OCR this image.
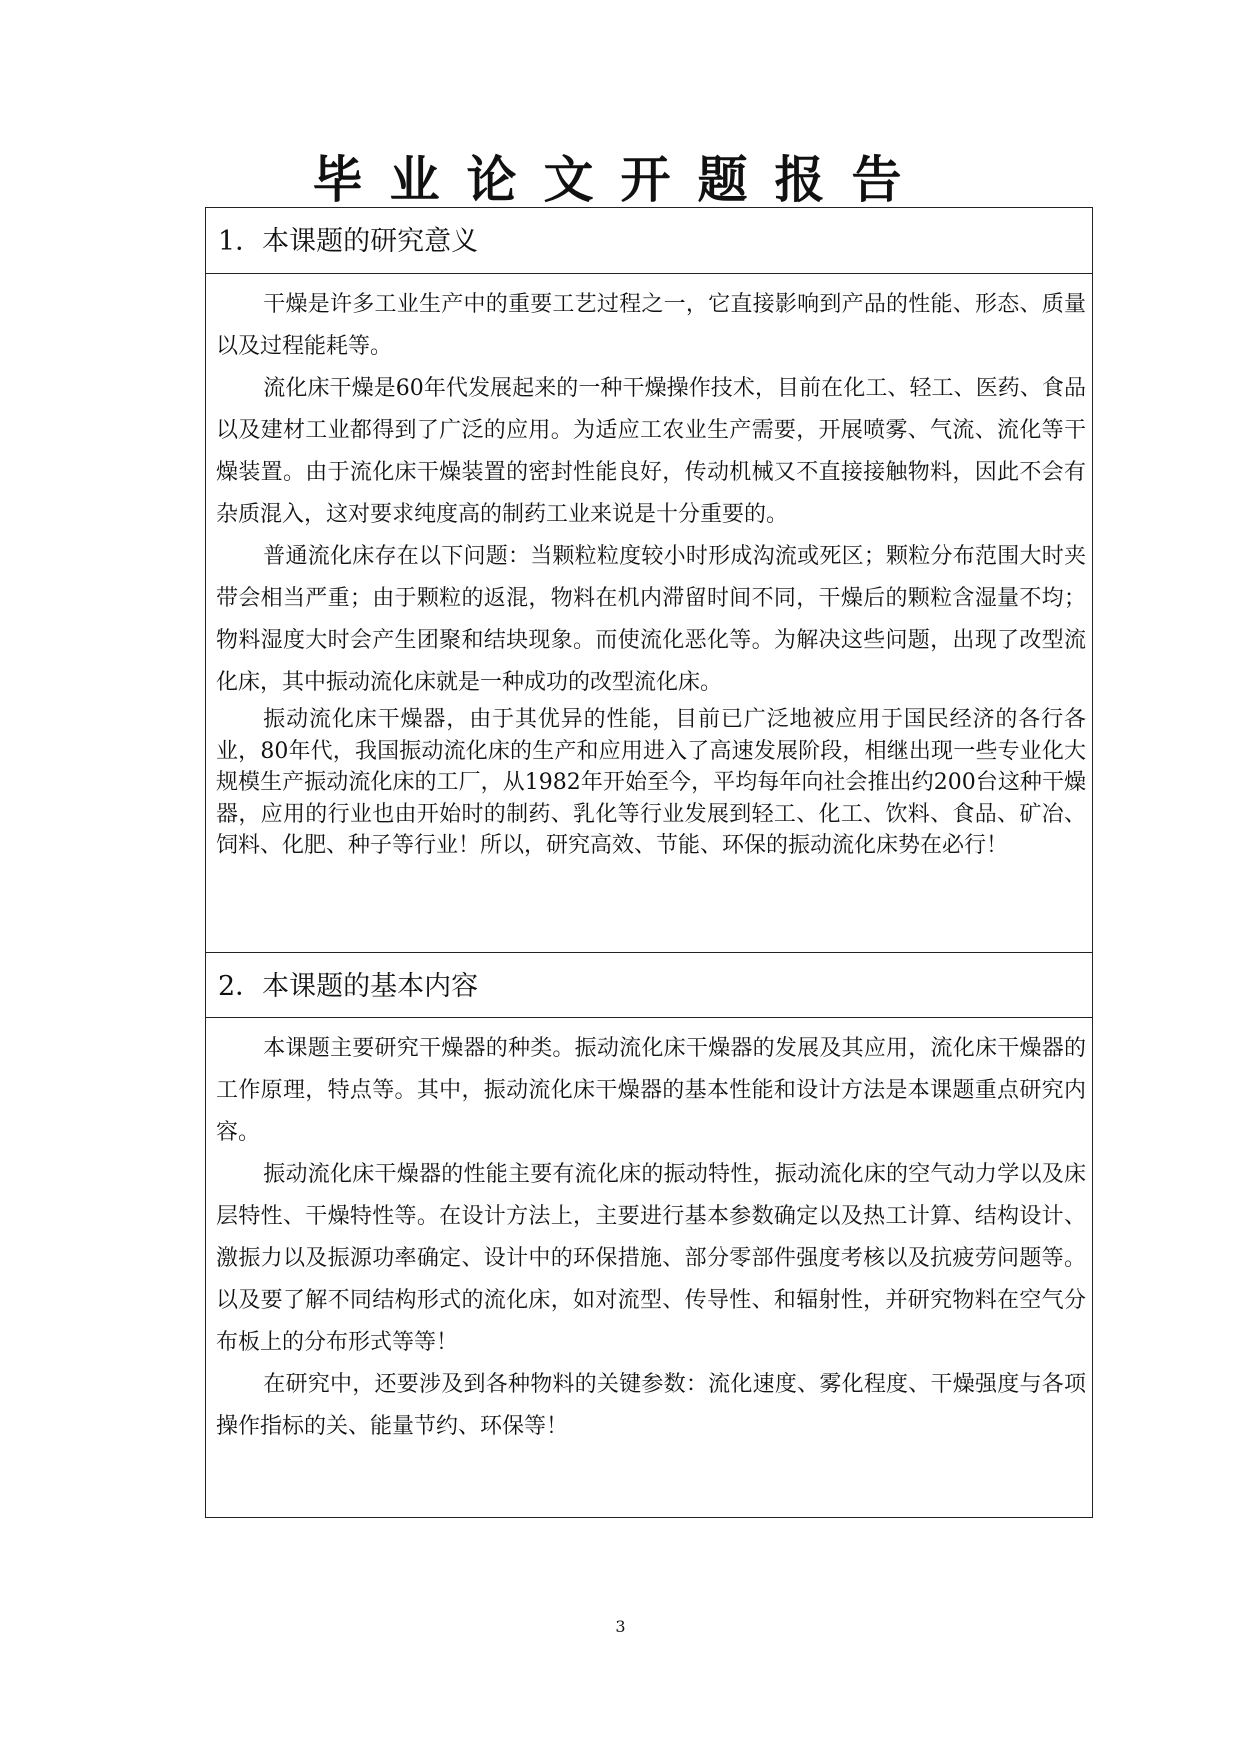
毕业论文开题报告
1．本课题的研究意义

干燥是许多工业生产中的重要工艺过程之一，它直接影响到产品的性能、形态、质量以及过程能耗等。

流化床干燥是60年代发展起来的一种干燥操作技术，目前在化工、轻工、医药、食品以及建材工业都得到了广泛的应用。为适应工农业生产需要，开展喷雾、气流、流化等干燥装置。由于流化床干燥装置的密封性能良好，传动机械又不直接接触物料，因此不会有杂质混入，这对要求纯度高的制药工业来说是十分重要的。

普通流化床存在以下问题：当颗粒粒度较小时形成沟流或死区；颗粒分布范围大时夹带会相当严重；由于颗粒的返混，物料在机内滞留时间不同，干燥后的颗粒含湿量不均；物料湿度大时会产生团聚和结块现象。而使流化恶化等。为解决这些问题，出现了改型流化床，其中振动流化床就是一种成功的改型流化床。

振动流化床干燥器，由于其优异的性能，目前已广泛地被应用于国民经济的各行各业，80年代，我国振动流化床的生产和应用进入了高速发展阶段，相继出现一些专业化大规模生产振动流化床的工厂，从1982年开始至今，平均每年向社会推出约200台这种干燥器，应用的行业也由开始时的制药、乳化等行业发展到轻工、化工、饮料、食品、矿冶、饲料、化肥、种子等行业！所以，研究高效、节能、环保的振动流化床势在必行！

2．本课题的基本内容

本课题主要研究干燥器的种类。振动流化床干燥器的发展及其应用，流化床干燥器的工作原理，特点等。其中，振动流化床干燥器的基本性能和设计方法是本课题重点研究内容。

振动流化床干燥器的性能主要有流化床的振动特性，振动流化床的空气动力学以及床层特性、干燥特性等。在设计方法上，主要进行基本参数确定以及热工计算、结构设计、激振力以及振源功率确定、设计中的环保措施、部分零部件强度考核以及抗疲劳问题等。以及要了解不同结构形式的流化床，如对流型、传导性、和辐射性，并研究物料在空气分布板上的分布形式等等！

在研究中，还要涉及到各种物料的关键参数：流化速度、雾化程度、干燥强度与各项操作指标的关、能量节约、环保等！

3
